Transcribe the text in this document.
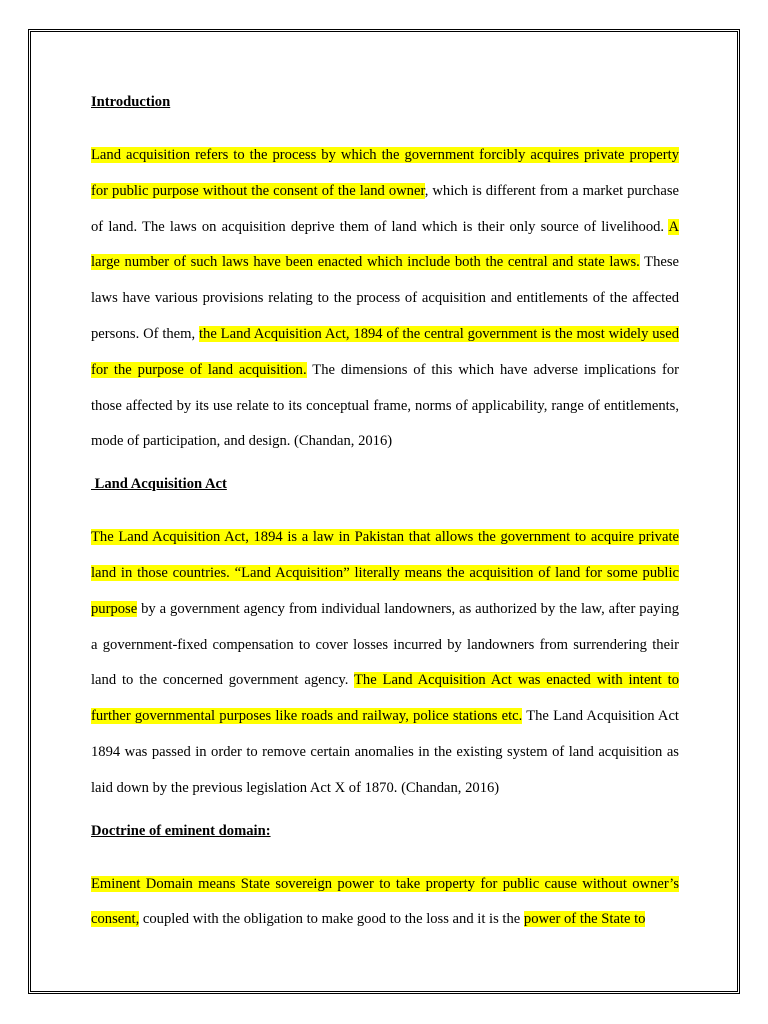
Introduction

Land acquisition refers to the process by which the government forcibly acquires private property for public purpose without the consent of the land owner, which is different from a market purchase of land. The laws on acquisition deprive them of land which is their only source of livelihood. A large number of such laws have been enacted which include both the central and state laws. These laws have various provisions relating to the process of acquisition and entitlements of the affected persons. Of them, the Land Acquisition Act, 1894 of the central government is the most widely used for the purpose of land acquisition. The dimensions of this which have adverse implications for those affected by its use relate to its conceptual frame, norms of applicability, range of entitlements, mode of participation, and design. (Chandan, 2016)

Land Acquisition Act

The Land Acquisition Act, 1894 is a law in Pakistan that allows the government to acquire private land in those countries. “Land Acquisition” literally means the acquisition of land for some public purpose by a government agency from individual landowners, as authorized by the law, after paying a government-fixed compensation to cover losses incurred by landowners from surrendering their land to the concerned government agency. The Land Acquisition Act was enacted with intent to further governmental purposes like roads and railway, police stations etc. The Land Acquisition Act 1894 was passed in order to remove certain anomalies in the existing system of land acquisition as laid down by the previous legislation Act X of 1870. (Chandan, 2016)

Doctrine of eminent domain:

Eminent Domain means State sovereign power to take property for public cause without owner’s consent, coupled with the obligation to make good to the loss and it is the power of the State to
